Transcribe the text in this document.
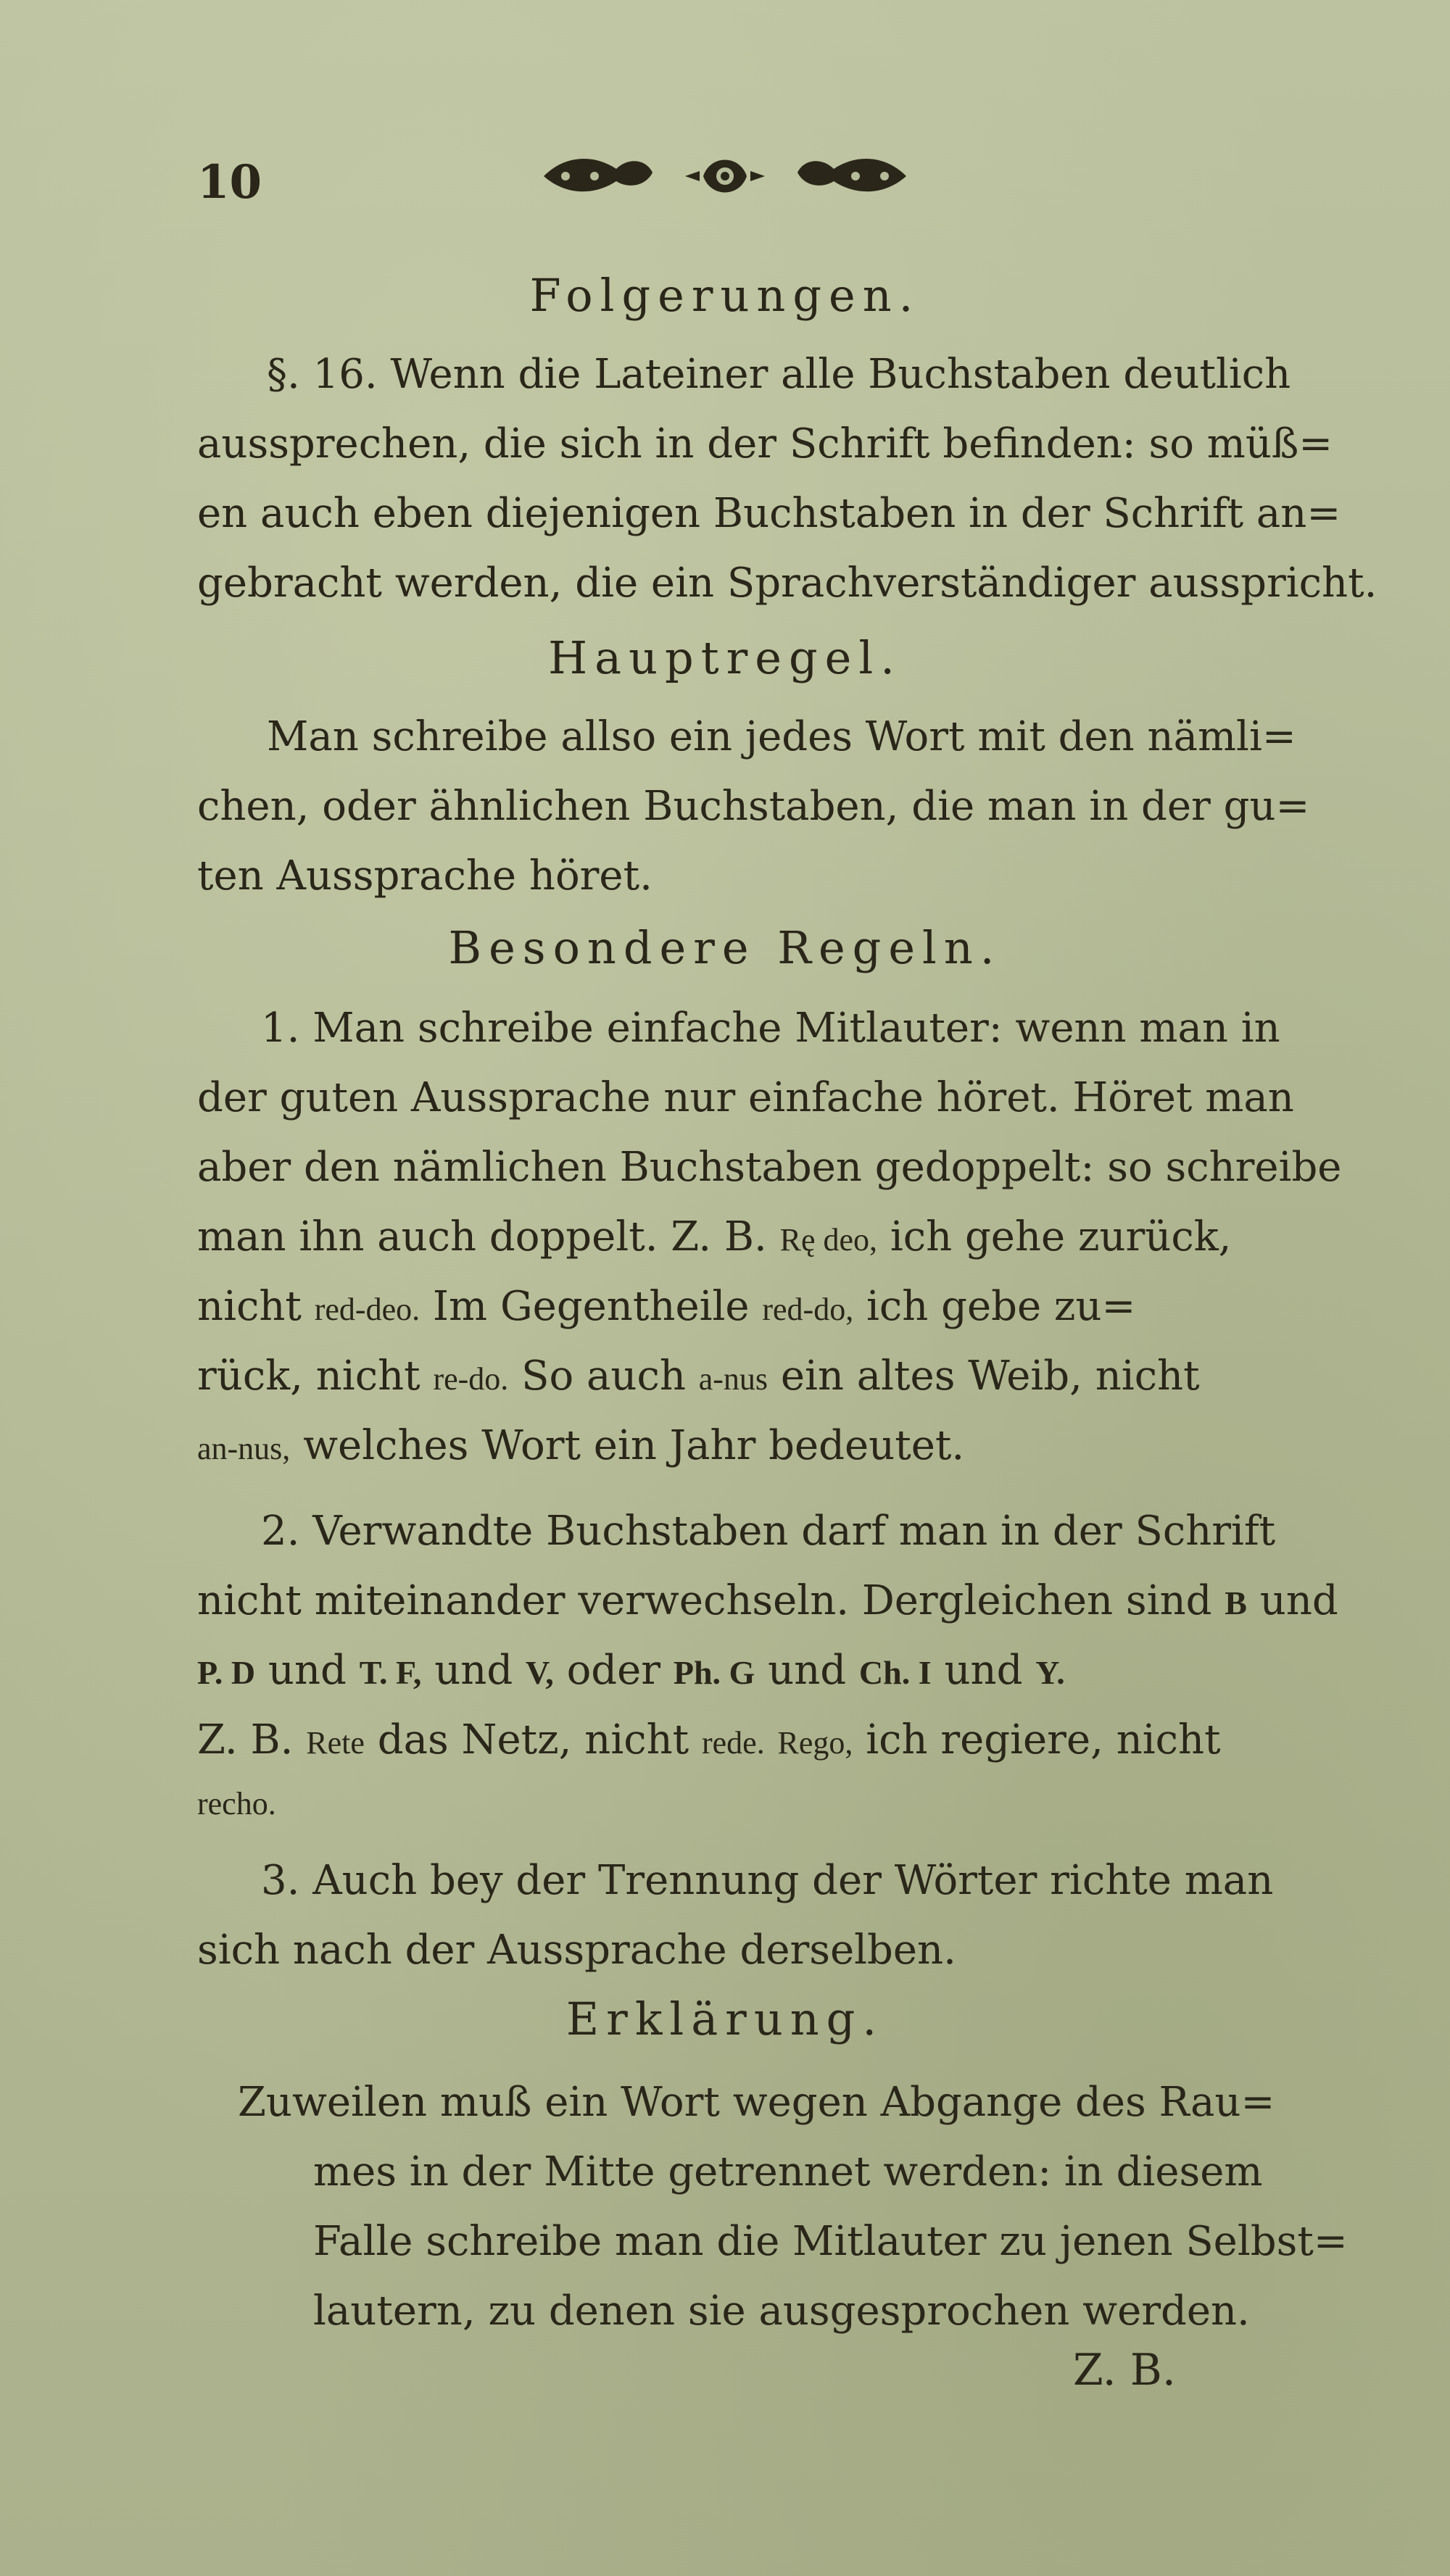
10
Folgerungen.
§. 16. Wenn die Lateiner alle Buchstaben deutlich
aussprechen, die sich in der Schrift befinden: so müß=
en auch eben diejenigen Buchstaben in der Schrift an=
gebracht werden, die ein Sprachverständiger ausspricht.
Hauptregel.
Man schreibe allso ein jedes Wort mit den nämli=
chen, oder ähnlichen Buchstaben, die man in der gu=
ten Aussprache höret.
Besondere Regeln.
1. Man schreibe einfache Mitlauter: wenn man in
der guten Aussprache nur einfache höret. Höret man
aber den nämlichen Buchstaben gedoppelt: so schreibe
man ihn auch doppelt. Z. B. Rę deo, ich gehe zurück,
nicht red-deo. Im Gegentheile red-do, ich gebe zu=
rück, nicht re-do. So auch a-nus ein altes Weib, nicht
an-nus, welches Wort ein Jahr bedeutet.
2. Verwandte Buchstaben darf man in der Schrift
nicht miteinander verwechseln. Dergleichen sind B und
P. D und T. F, und V, oder Ph. G und Ch. I und Y.
Z. B. Rete das Netz, nicht rede. Rego, ich regiere, nicht
recho.
3. Auch bey der Trennung der Wörter richte man
sich nach der Aussprache derselben.
Erklärung.
Zuweilen muß ein Wort wegen Abgange des Rau=
mes in der Mitte getrennet werden: in diesem
Falle schreibe man die Mitlauter zu jenen Selbst=
lautern, zu denen sie ausgesprochen werden.
Z. B.
